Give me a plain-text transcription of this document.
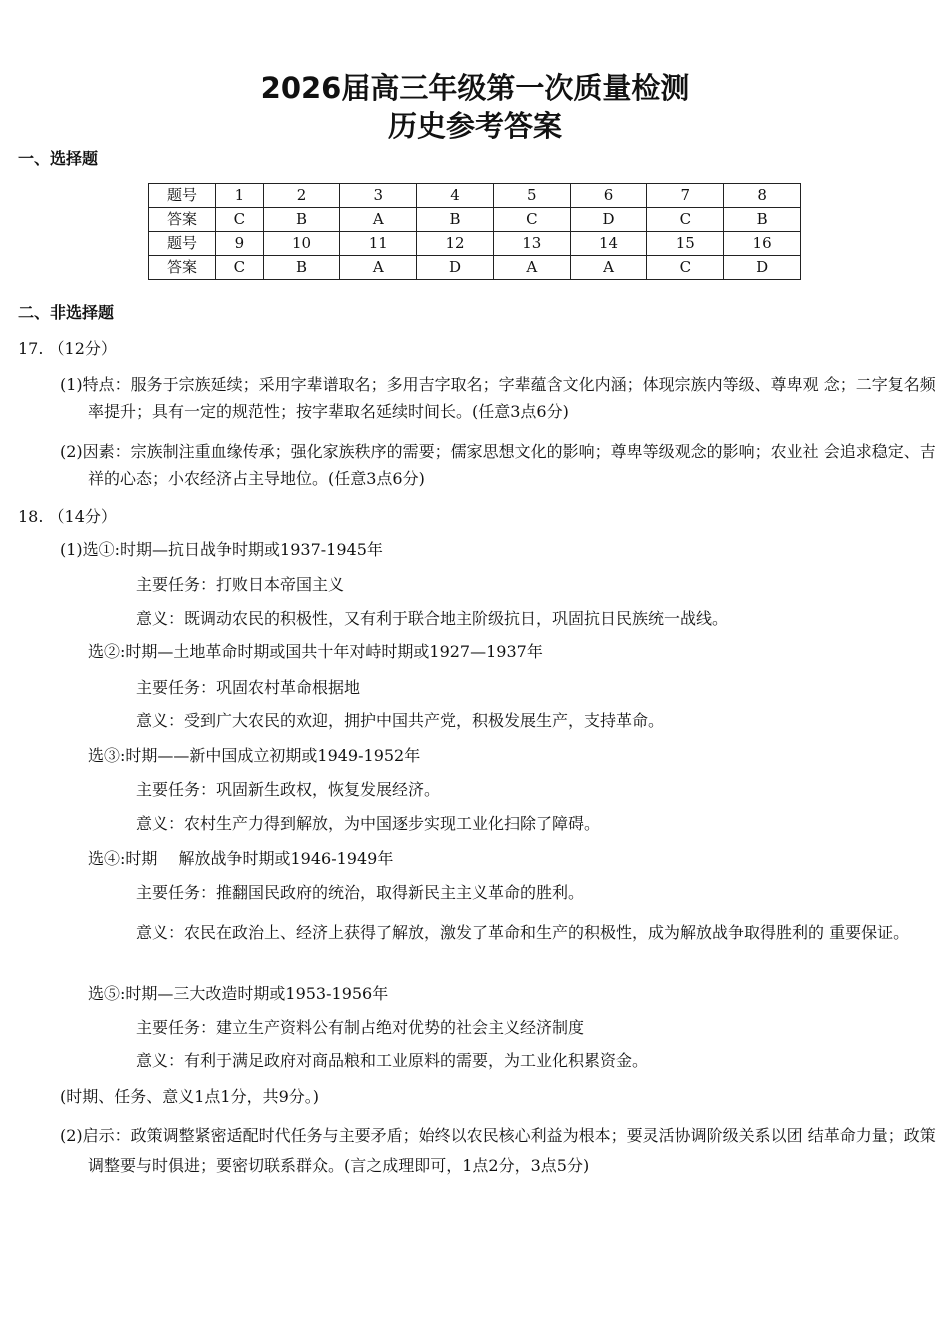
2026届高三年级第一次质量检测
历史参考答案
一、选择题
题号	1	2	3	4	5	6	7	8
答案	C	B	A	B	C	D	C	B
题号	9	10	11	12	13	14	15	16
答案	C	B	A	D	A	A	C	D
二、非选择题
17. （12分）
(1)特点：服务于宗族延续；采用字辈谱取名；多用吉字取名；字辈蕴含文化内涵；体现宗族内等级、尊卑观 念；二字复名频率提升；具有一定的规范性；按字辈取名延续时间长。(任意3点6分)
(2)因素：宗族制注重血缘传承；强化家族秩序的需要；儒家思想文化的影响；尊卑等级观念的影响；农业社 会追求稳定、吉祥的心态；小农经济占主导地位。(任意3点6分)
18. （14分）
(1)选①:时期—抗日战争时期或1937-1945年
主要任务：打败日本帝国主义
意义：既调动农民的积极性，又有利于联合地主阶级抗日，巩固抗日民族统一战线。
选②:时期—土地革命时期或国共十年对峙时期或1927—1937年
主要任务：巩固农村革命根据地
意义：受到广大农民的欢迎，拥护中国共产党，积极发展生产，支持革命。
选③:时期——新中国成立初期或1949-1952年
主要任务：巩固新生政权，恢复发展经济。
意义：农村生产力得到解放，为中国逐步实现工业化扫除了障碍。
选④:时期　 解放战争时期或1946-1949年
主要任务：推翻国民政府的统治，取得新民主主义革命的胜利。
意义：农民在政治上、经济上获得了解放，激发了革命和生产的积极性，成为解放战争取得胜利的 重要保证。
选⑤:时期—三大改造时期或1953-1956年
主要任务：建立生产资料公有制占绝对优势的社会主义经济制度
意义：有利于满足政府对商品粮和工业原料的需要，为工业化积累资金。
(时期、任务、意义1点1分，共9分。)
(2)启示：政策调整紧密适配时代任务与主要矛盾；始终以农民核心利益为根本；要灵活协调阶级关系以团 结革命力量；政策调整要与时俱进；要密切联系群众。(言之成理即可，1点2分，3点5分)
